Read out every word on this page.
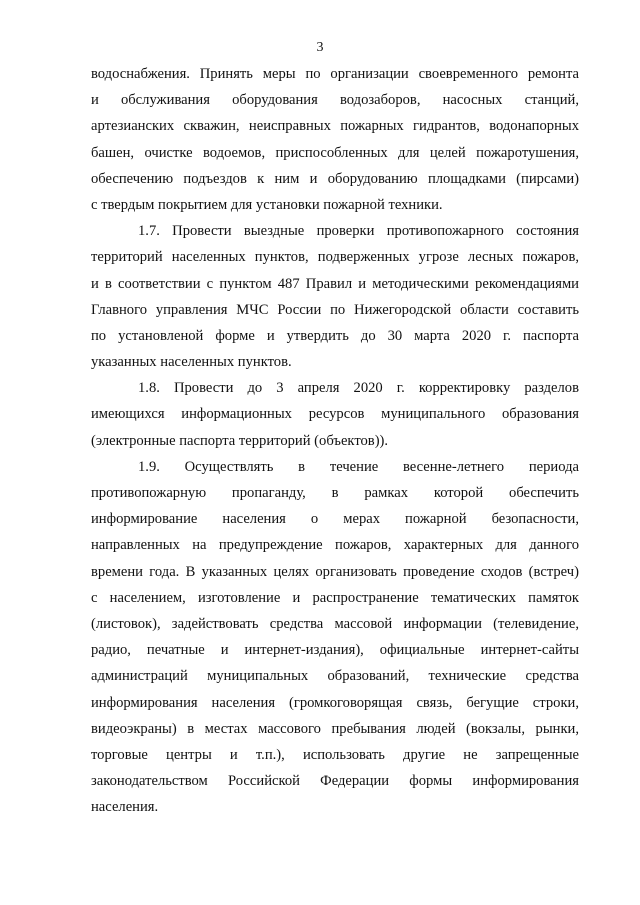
3
водоснабжения. Принять меры по организации своевременного ремонта
и обслуживания оборудования водозаборов, насосных станций,
артезианских скважин, неисправных пожарных гидрантов, водонапорных
башен, очистке водоемов, приспособленных для целей пожаротушения,
обеспечению подъездов к ним и оборудованию площадками (пирсами)
с твердым покрытием для установки пожарной техники.
1.7. Провести выездные проверки противопожарного состояния
территорий населенных пунктов, подверженных угрозе лесных пожаров,
и в соответствии с пунктом 487 Правил и методическими рекомендациями
Главного управления МЧС России по Нижегородской области составить
по установленой форме и утвердить до 30 марта 2020 г. паспорта
указанных населенных пунктов.
1.8. Провести до 3 апреля 2020 г. корректировку разделов
имеющихся информационных ресурсов муниципального образования
(электронные паспорта территорий (объектов)).
1.9. Осуществлять в течение весенне-летнего периода
противопожарную пропаганду, в рамках которой обеспечить
информирование населения о мерах пожарной безопасности,
направленных на предупреждение пожаров, характерных для данного
времени года. В указанных целях организовать проведение сходов (встреч)
с населением, изготовление и распространение тематических памяток
(листовок), задействовать средства массовой информации (телевидение,
радио, печатные и интернет-издания), официальные интернет-сайты
администраций муниципальных образований, технические средства
информирования населения (громкоговорящая связь, бегущие строки,
видеоэкраны) в местах массового пребывания людей (вокзалы, рынки,
торговые центры и т.п.), использовать другие не запрещенные
законодательством Российской Федерации формы информирования
населения.
